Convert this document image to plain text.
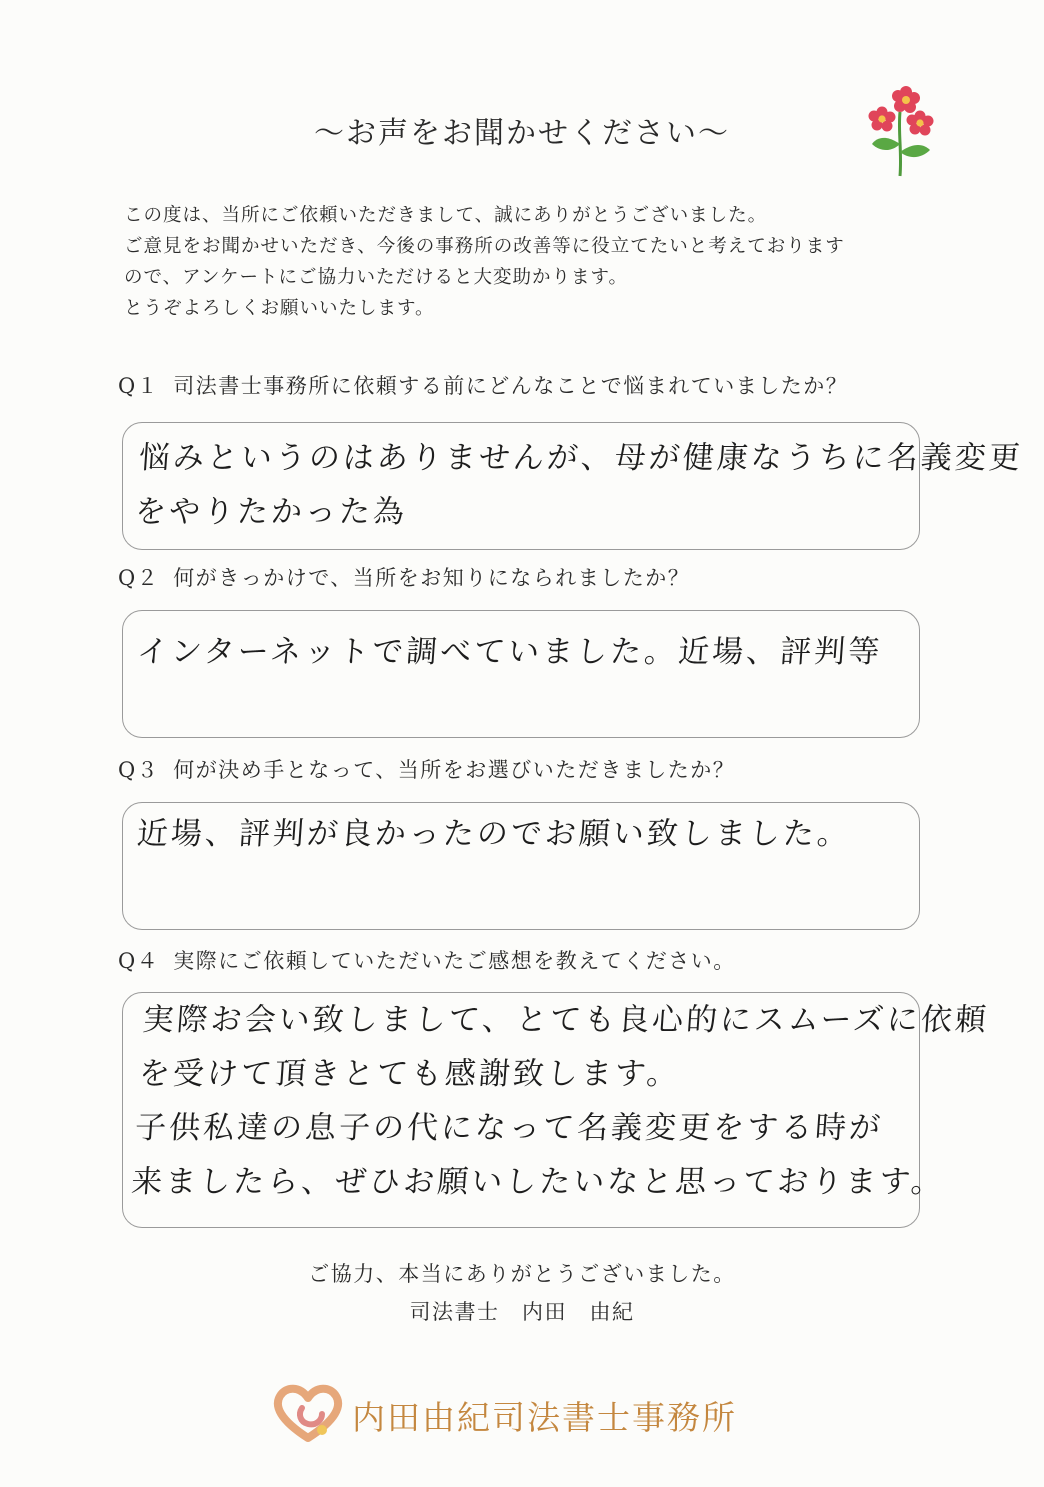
〜お声をお聞かせください〜
この度は、当所にご依頼いただきまして、誠にありがとうございました。
ご意見をお聞かせいただき、今後の事務所の改善等に役立てたいと考えております
ので、アンケートにご協力いただけると大変助かります。
とうぞよろしくお願いいたします。
Q１ 司法書士事務所に依頼する前にどんなことで悩まれていましたか？
悩みというのはありませんが、母が健康なうちに名義変更
をやりたかった為
Q２ 何がきっかけで、当所をお知りになられましたか？
インターネットで調べていました。近場、評判等
Q３ 何が決め手となって、当所をお選びいただきましたか？
近場、評判が良かったのでお願い致しました。
Q４ 実際にご依頼していただいたご感想を教えてください。
実際お会い致しまして、とても良心的にスムーズに依頼
を受けて頂きとても感謝致します。
子供私達の息子の代になって名義変更をする時が
来ましたら、ぜひお願いしたいなと思っております。
ご協力、本当にありがとうございました。
司法書士　内田　由紀
内田由紀司法書士事務所
